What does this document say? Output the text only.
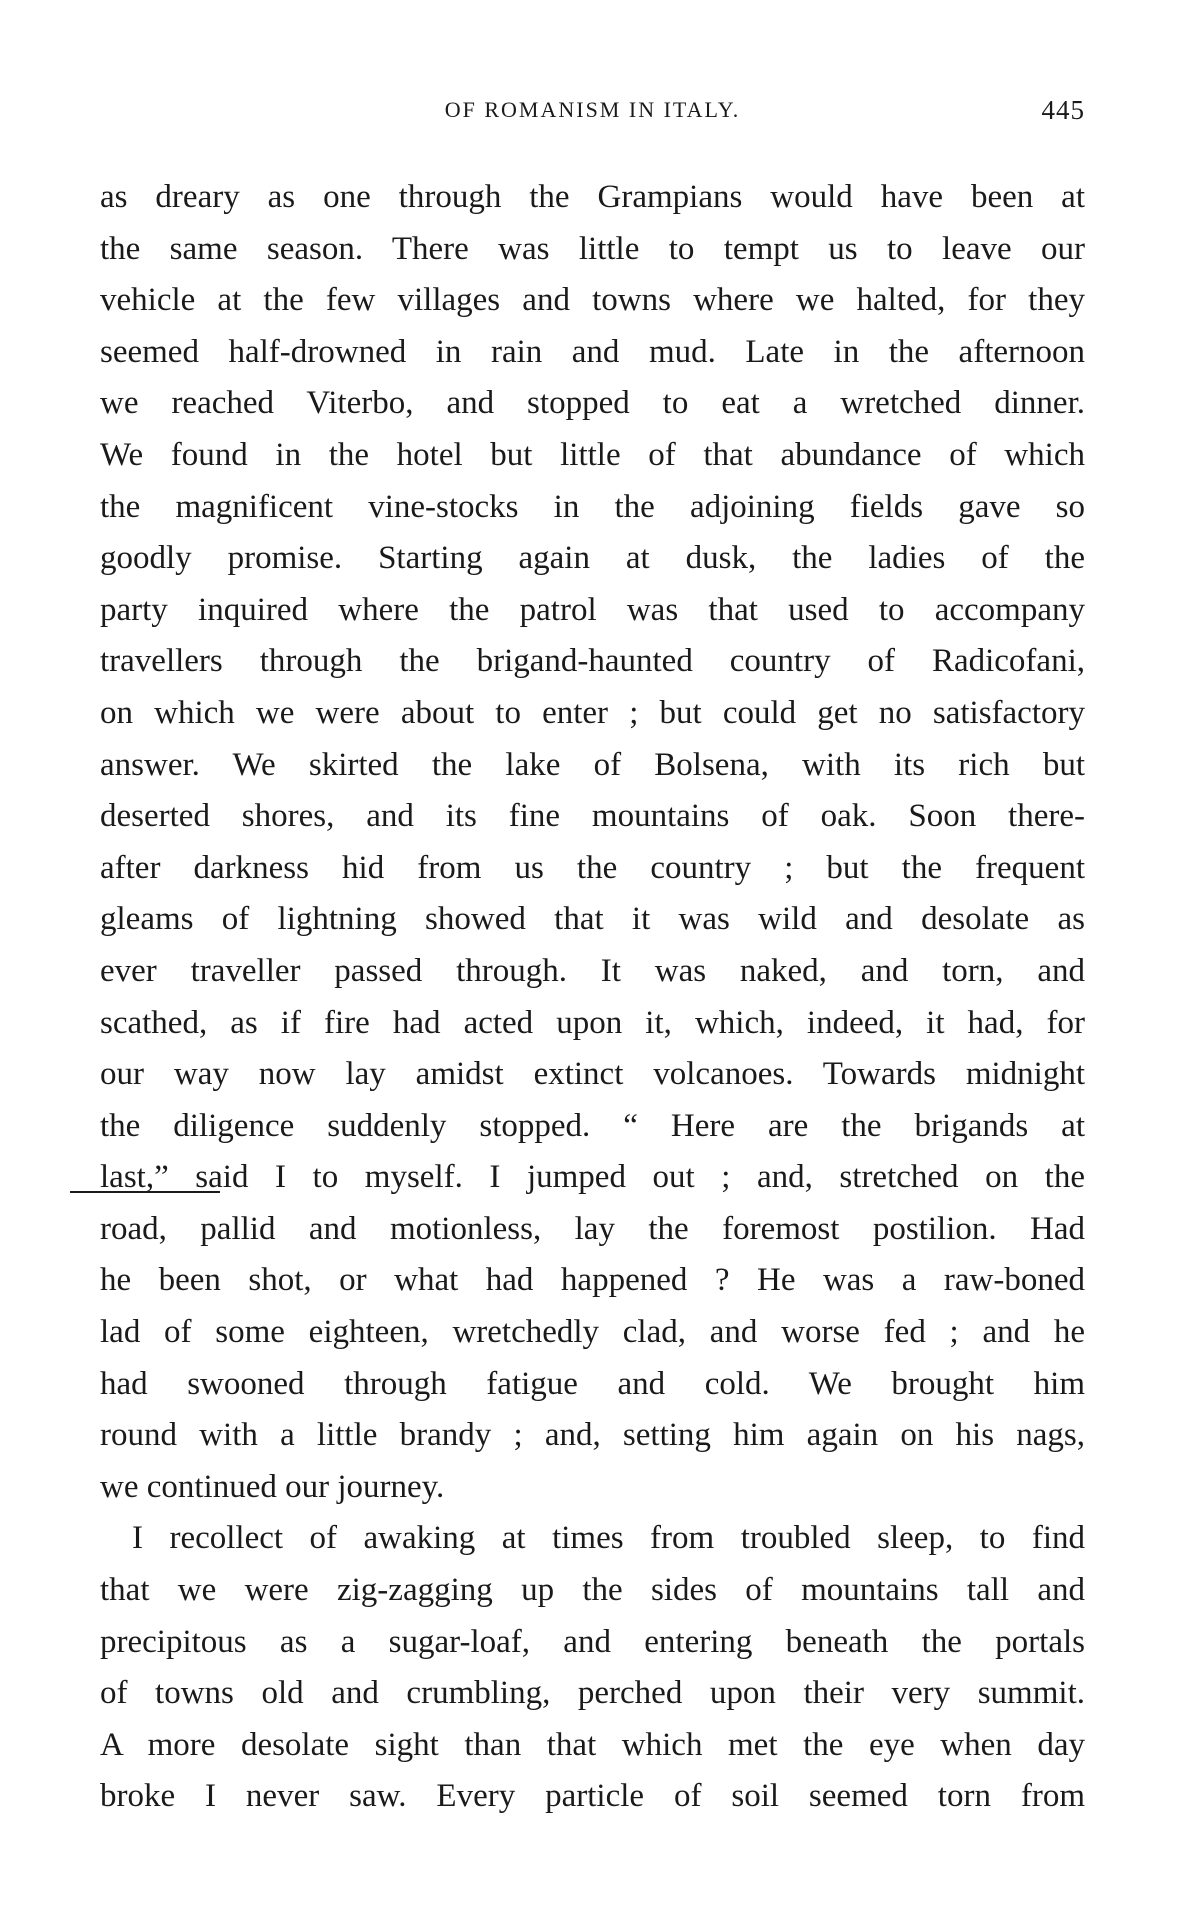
OF ROMANISM IN ITALY.	445
as dreary as one through the Grampians would have been at
the same season. There was little to tempt us to leave our
vehicle at the few villages and towns where we halted, for they
seemed half-drowned in rain and mud. Late in the afternoon
we reached Viterbo, and stopped to eat a wretched dinner.
We found in the hotel but little of that abundance of which
the magnificent vine-stocks in the adjoining fields gave so
goodly promise. Starting again at dusk, the ladies of the
party inquired where the patrol was that used to accompany
travellers through the brigand-haunted country of Radicofani,
on which we were about to enter ; but could get no satisfactory
answer. We skirted the lake of Bolsena, with its rich but
deserted shores, and its fine mountains of oak. Soon there-
after darkness hid from us the country ; but the frequent
gleams of lightning showed that it was wild and desolate as
ever traveller passed through. It was naked, and torn, and
scathed, as if fire had acted upon it, which, indeed, it had, for
our way now lay amidst extinct volcanoes. Towards midnight
the diligence suddenly stopped. “ Here are the brigands at
last,” said I to myself. I jumped out ; and, stretched on the
road, pallid and motionless, lay the foremost postilion. Had
he been shot, or what had happened ? He was a raw-boned
lad of some eighteen, wretchedly clad, and worse fed ; and he
had swooned through fatigue and cold. We brought him
round with a little brandy ; and, setting him again on his nags,
we continued our journey.
I recollect of awaking at times from troubled sleep, to find
that we were zig-zagging up the sides of mountains tall and
precipitous as a sugar-loaf, and entering beneath the portals
of towns old and crumbling, perched upon their very summit.
A more desolate sight than that which met the eye when day
broke I never saw. Every particle of soil seemed torn from
